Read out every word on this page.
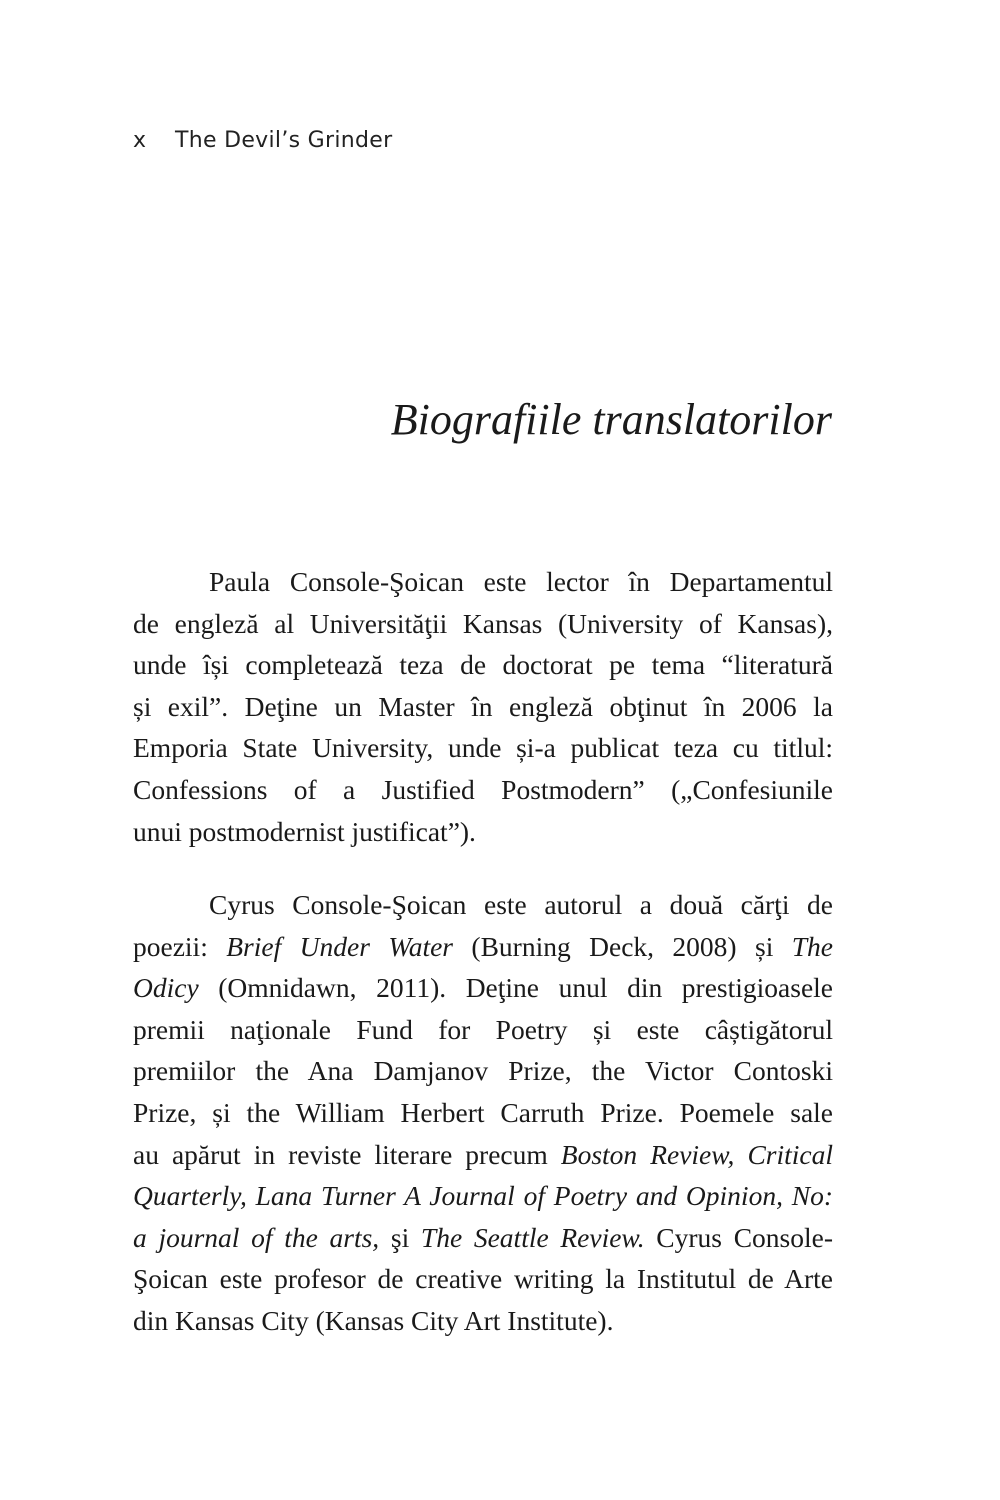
x The Devil’s Grinder
Biografiile translatorilor
Paula Console-Şoican este lector în Departamentul
de engleză al Universităţii Kansas (University of Kansas),
unde își completează teza de doctorat pe tema “literatură
și exil”. Deţine un Master în engleză obţinut în 2006 la
Emporia State University, unde și-a publicat teza cu titlul:
Confessions of a Justified Postmodern” („Confesiunile
unui postmodernist justificat”).
Cyrus Console-Şoican este autorul a două cărţi de
poezii: Brief Under Water (Burning Deck, 2008) și The
Odicy (Omnidawn, 2011). Deţine unul din prestigioasele
premii naţionale Fund for Poetry și este câștigătorul
premiilor the Ana Damjanov Prize, the Victor Contoski
Prize, și the William Herbert Carruth Prize. Poemele sale
au apărut in reviste literare precum Boston Review, Critical
Quarterly, Lana Turner A Journal of Poetry and Opinion, No:
a journal of the arts, şi The Seattle Review. Cyrus Console-
Şoican este profesor de creative writing la Institutul de Arte
din Kansas City (Kansas City Art Institute).
